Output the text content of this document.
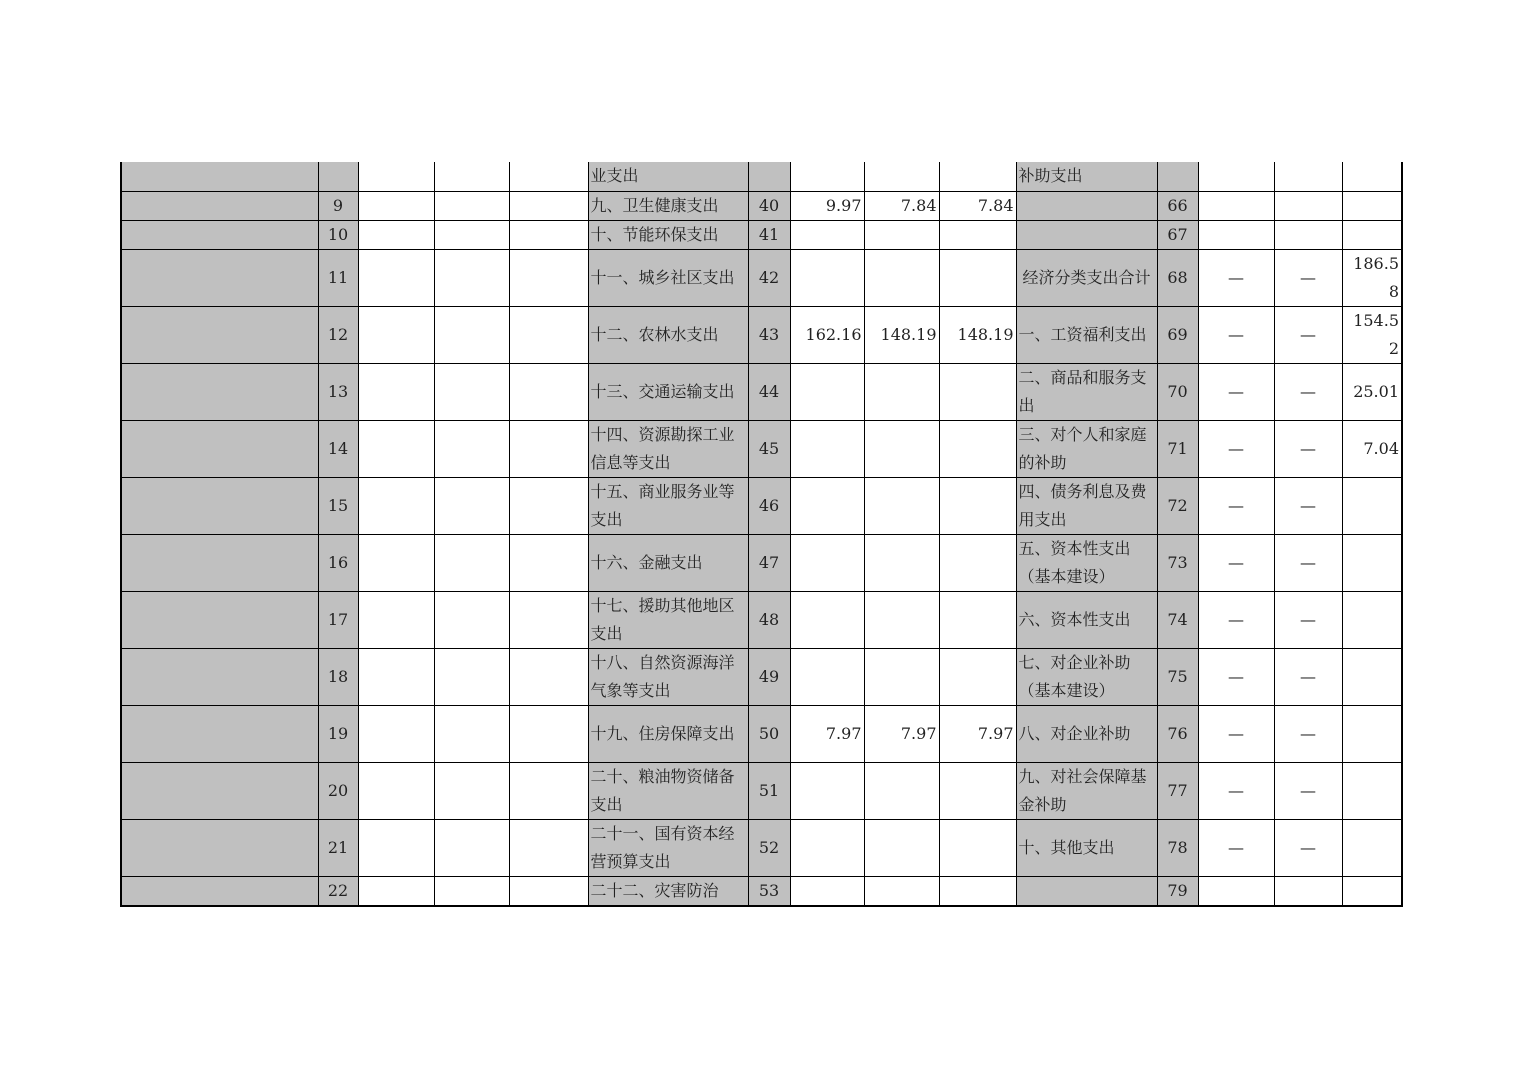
					业支出					补助支出				
	9				九、卫生健康支出	40	9.97	7.84	7.84		66			
	10				十、节能环保支出	41					67			
	11				十一、城乡社区支出	42				经济分类支出合计	68	—	—	186.58
	12				十二、农林水支出	43	162.16	148.19	148.19	一、工资福利支出	69	—	—	154.52
	13				十三、交通运输支出	44				二、商品和服务支出	70	—	—	25.01
	14				十四、资源勘探工业信息等支出	45				三、对个人和家庭的补助	71	—	—	7.04
	15				十五、商业服务业等支出	46				四、债务利息及费用支出	72	—	—	
	16				十六、金融支出	47				五、资本性支出（基本建设）	73	—	—	
	17				十七、援助其他地区支出	48				六、资本性支出	74	—	—	
	18				十八、自然资源海洋气象等支出	49				七、对企业补助（基本建设）	75	—	—	
	19				十九、住房保障支出	50	7.97	7.97	7.97	八、对企业补助	76	—	—	
	20				二十、粮油物资储备支出	51				九、对社会保障基金补助	77	—	—	
	21				二十一、国有资本经营预算支出	52				十、其他支出	78	—	—	
	22				二十二、灾害防治	53					79			
